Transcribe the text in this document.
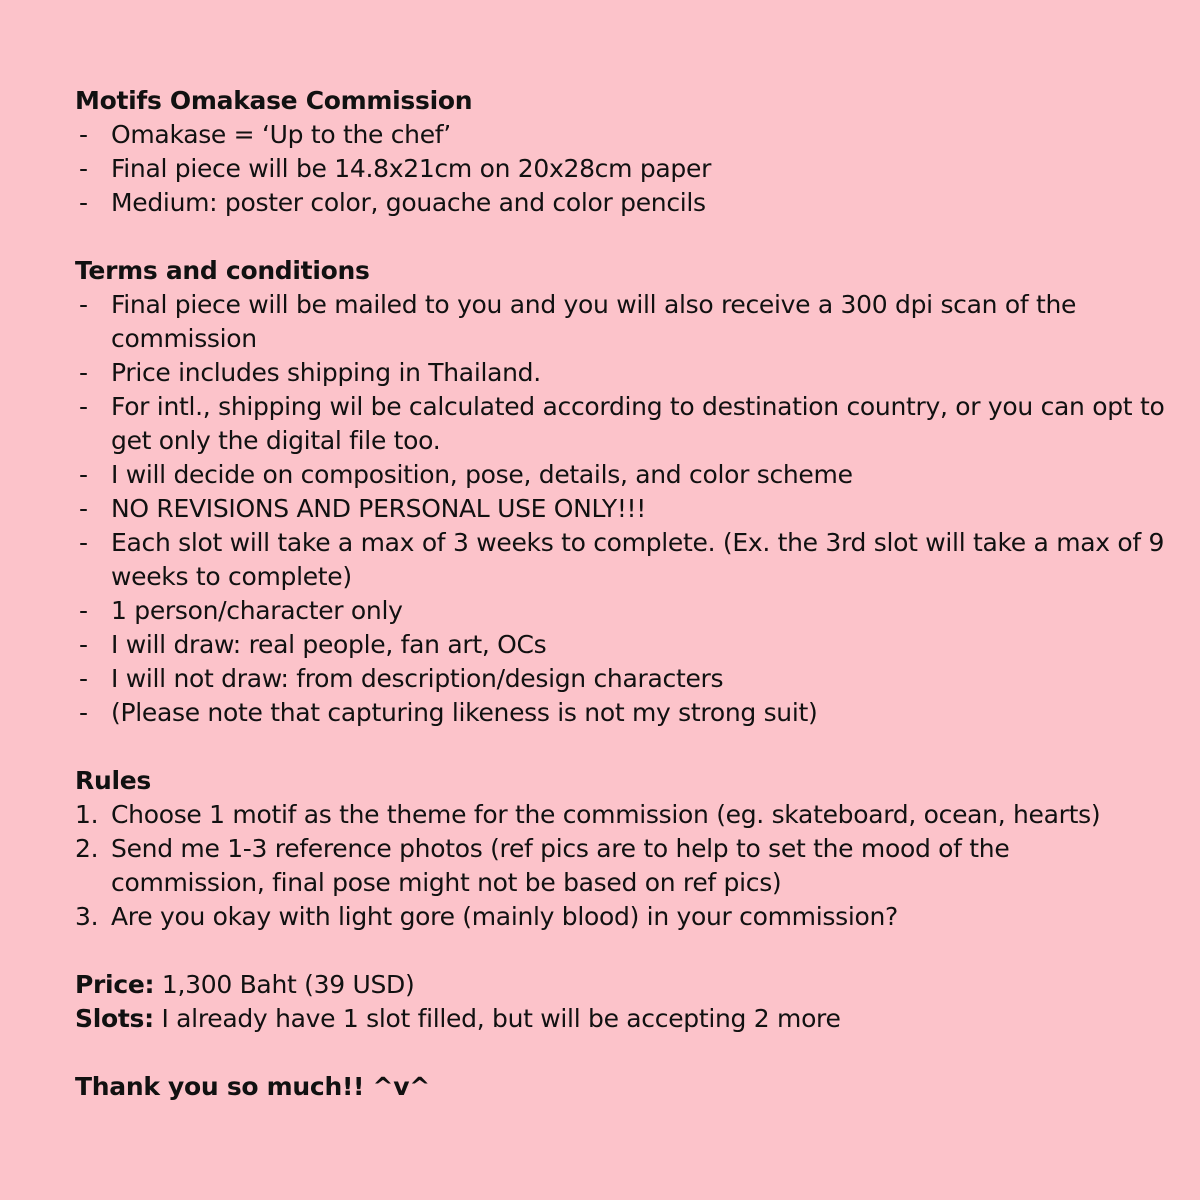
Motifs Omakase Commission
- Omakase = ‘Up to the chef’
- Final piece will be 14.8x21cm on 20x28cm paper
- Medium: poster color, gouache and color pencils
Terms and conditions
- Final piece will be mailed to you and you will also receive a 300 dpi scan of the commission
- Price includes shipping in Thailand.
- For intl., shipping wil be calculated according to destination country, or you can opt to get only the digital file too.
- I will decide on composition, pose, details, and color scheme
- NO REVISIONS AND PERSONAL USE ONLY!!!
- Each slot will take a max of 3 weeks to complete. (Ex. the 3rd slot will take a max of 9 weeks to complete)
- 1 person/character only
- I will draw: real people, fan art, OCs
- I will not draw: from description/design characters
- (Please note that capturing likeness is not my strong suit)
Rules
1. Choose 1 motif as the theme for the commission (eg. skateboard, ocean, hearts)
2. Send me 1-3 reference photos (ref pics are to help to set the mood of the commission, final pose might not be based on ref pics)
3. Are you okay with light gore (mainly blood) in your commission?
Price: 1,300 Baht (39 USD)
Slots: I already have 1 slot filled, but will be accepting 2 more
Thank you so much!! ^v^
